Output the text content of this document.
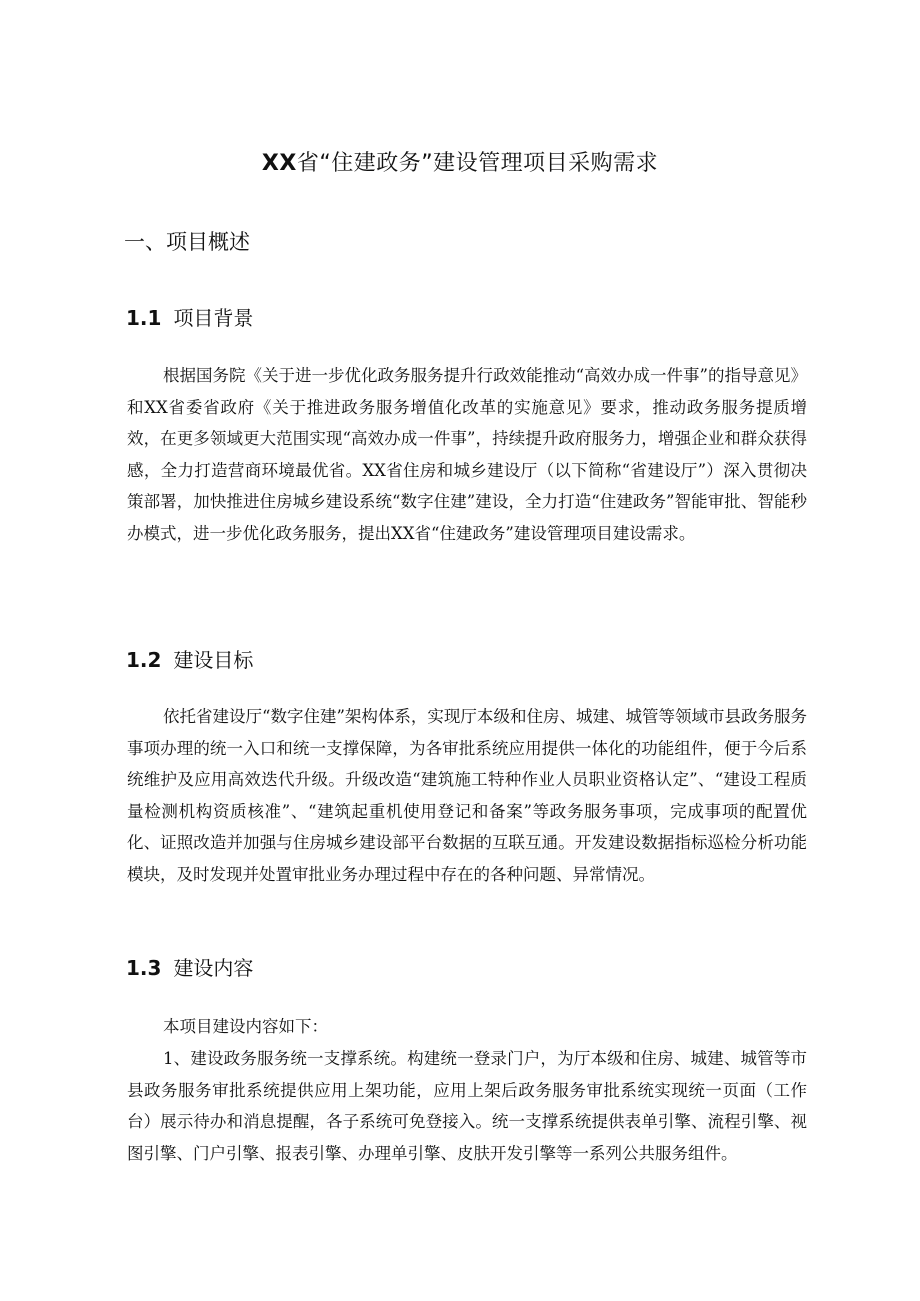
XX省“住建政务”建设管理项目采购需求
一、项目概述
1.1 项目背景

根据国务院《关于进一步优化政务服务提升行政效能推动“高效办成一件事”的指导意见》和XX省委省政府《关于推进政务服务增值化改革的实施意见》要求，推动政务服务提质增效，在更多领域更大范围实现“高效办成一件事”，持续提升政府服务力，增强企业和群众获得感，全力打造营商环境最优省。XX省住房和城乡建设厅（以下简称“省建设厅”）深入贯彻决策部署，加快推进住房城乡建设系统“数字住建”建设，全力打造“住建政务”智能审批、智能秒办模式，进一步优化政务服务，提出XX省“住建政务”建设管理项目建设需求。

1.2 建设目标

依托省建设厅“数字住建”架构体系，实现厅本级和住房、城建、城管等领域市县政务服务事项办理的统一入口和统一支撑保障，为各审批系统应用提供一体化的功能组件，便于今后系统维护及应用高效迭代升级。升级改造“建筑施工特种作业人员职业资格认定”、“建设工程质量检测机构资质核准”、“建筑起重机使用登记和备案”等政务服务事项，完成事项的配置优化、证照改造并加强与住房城乡建设部平台数据的互联互通。开发建设数据指标巡检分析功能模块，及时发现并处置审批业务办理过程中存在的各种问题、异常情况。

1.3 建设内容

本项目建设内容如下：

1、建设政务服务统一支撑系统。构建统一登录门户，为厅本级和住房、城建、城管等市县政务服务审批系统提供应用上架功能，应用上架后政务服务审批系统实现统一页面（工作台）展示待办和消息提醒，各子系统可免登接入。统一支撑系统提供表单引擎、流程引擎、视图引擎、门户引擎、报表引擎、办理单引擎、皮肤开发引擎等一系列公共服务组件。
